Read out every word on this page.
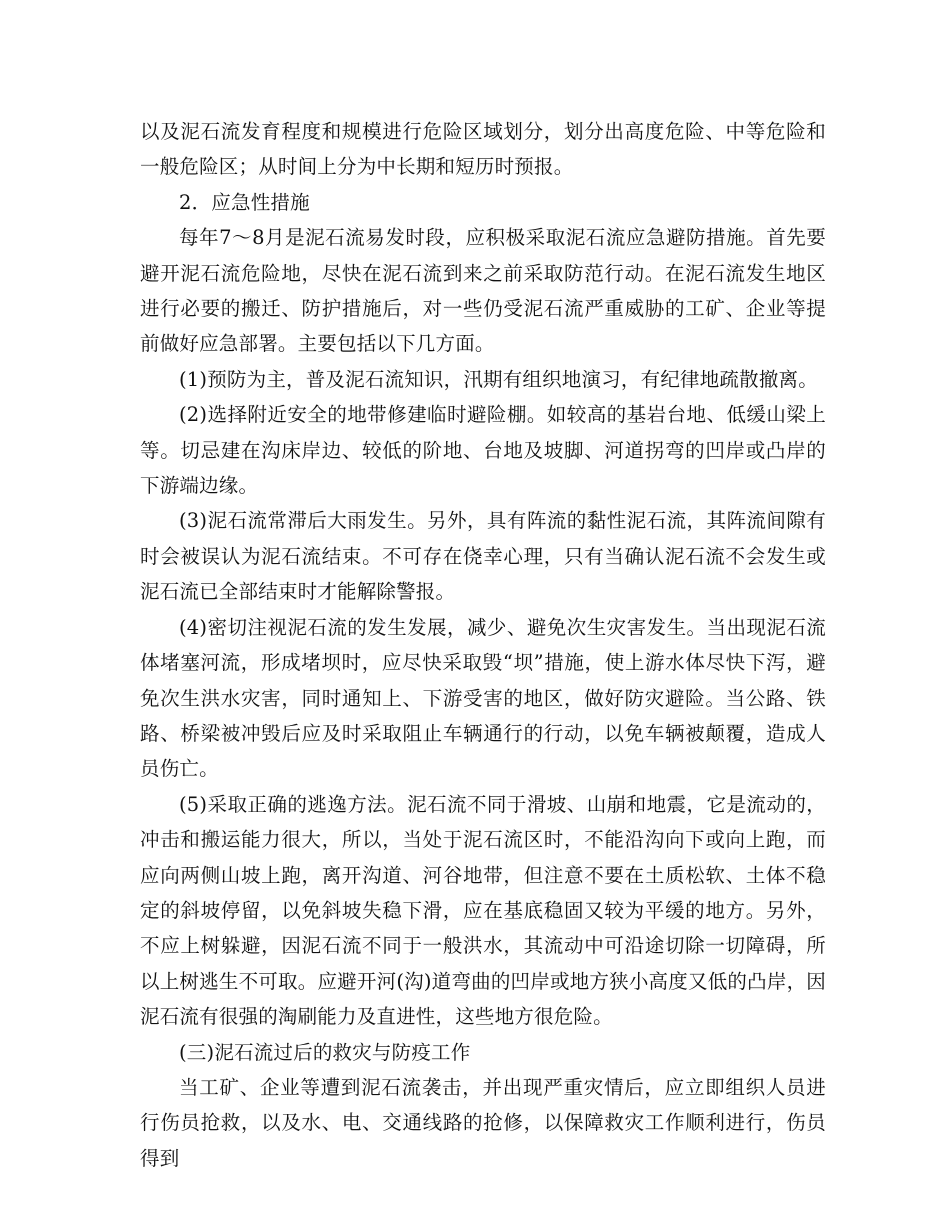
以及泥石流发育程度和规模进行危险区域划分，划分出高度危险、中等危险和一般危险区；从时间上分为中长期和短历时预报。

2．应急性措施

每年7～8月是泥石流易发时段，应积极采取泥石流应急避防措施。首先要避开泥石流危险地，尽快在泥石流到来之前采取防范行动。在泥石流发生地区进行必要的搬迁、防护措施后，对一些仍受泥石流严重威胁的工矿、企业等提前做好应急部署。主要包括以下几方面。

(1)预防为主，普及泥石流知识，汛期有组织地演习，有纪律地疏散撤离。

(2)选择附近安全的地带修建临时避险棚。如较高的基岩台地、低缓山梁上等。切忌建在沟床岸边、较低的阶地、台地及坡脚、河道拐弯的凹岸或凸岸的下游端边缘。

(3)泥石流常滞后大雨发生。另外，具有阵流的黏性泥石流，其阵流间隙有时会被误认为泥石流结束。不可存在侥幸心理，只有当确认泥石流不会发生或泥石流已全部结束时才能解除警报。

(4)密切注视泥石流的发生发展，减少、避免次生灾害发生。当出现泥石流体堵塞河流，形成堵坝时，应尽快采取毁“坝”措施，使上游水体尽快下泻，避免次生洪水灾害，同时通知上、下游受害的地区，做好防灾避险。当公路、铁路、桥梁被冲毁后应及时采取阻止车辆通行的行动，以免车辆被颠覆，造成人员伤亡。

(5)采取正确的逃逸方法。泥石流不同于滑坡、山崩和地震，它是流动的，冲击和搬运能力很大，所以，当处于泥石流区时，不能沿沟向下或向上跑，而应向两侧山坡上跑，离开沟道、河谷地带，但注意不要在土质松软、土体不稳定的斜坡停留，以免斜坡失稳下滑，应在基底稳固又较为平缓的地方。另外，不应上树躲避，因泥石流不同于一般洪水，其流动中可沿途切除一切障碍，所以上树逃生不可取。应避开河(沟)道弯曲的凹岸或地方狭小高度又低的凸岸，因泥石流有很强的淘刷能力及直进性，这些地方很危险。

(三)泥石流过后的救灾与防疫工作

当工矿、企业等遭到泥石流袭击，并出现严重灾情后，应立即组织人员进行伤员抢救，以及水、电、交通线路的抢修，以保障救灾工作顺利进行，伤员得到
